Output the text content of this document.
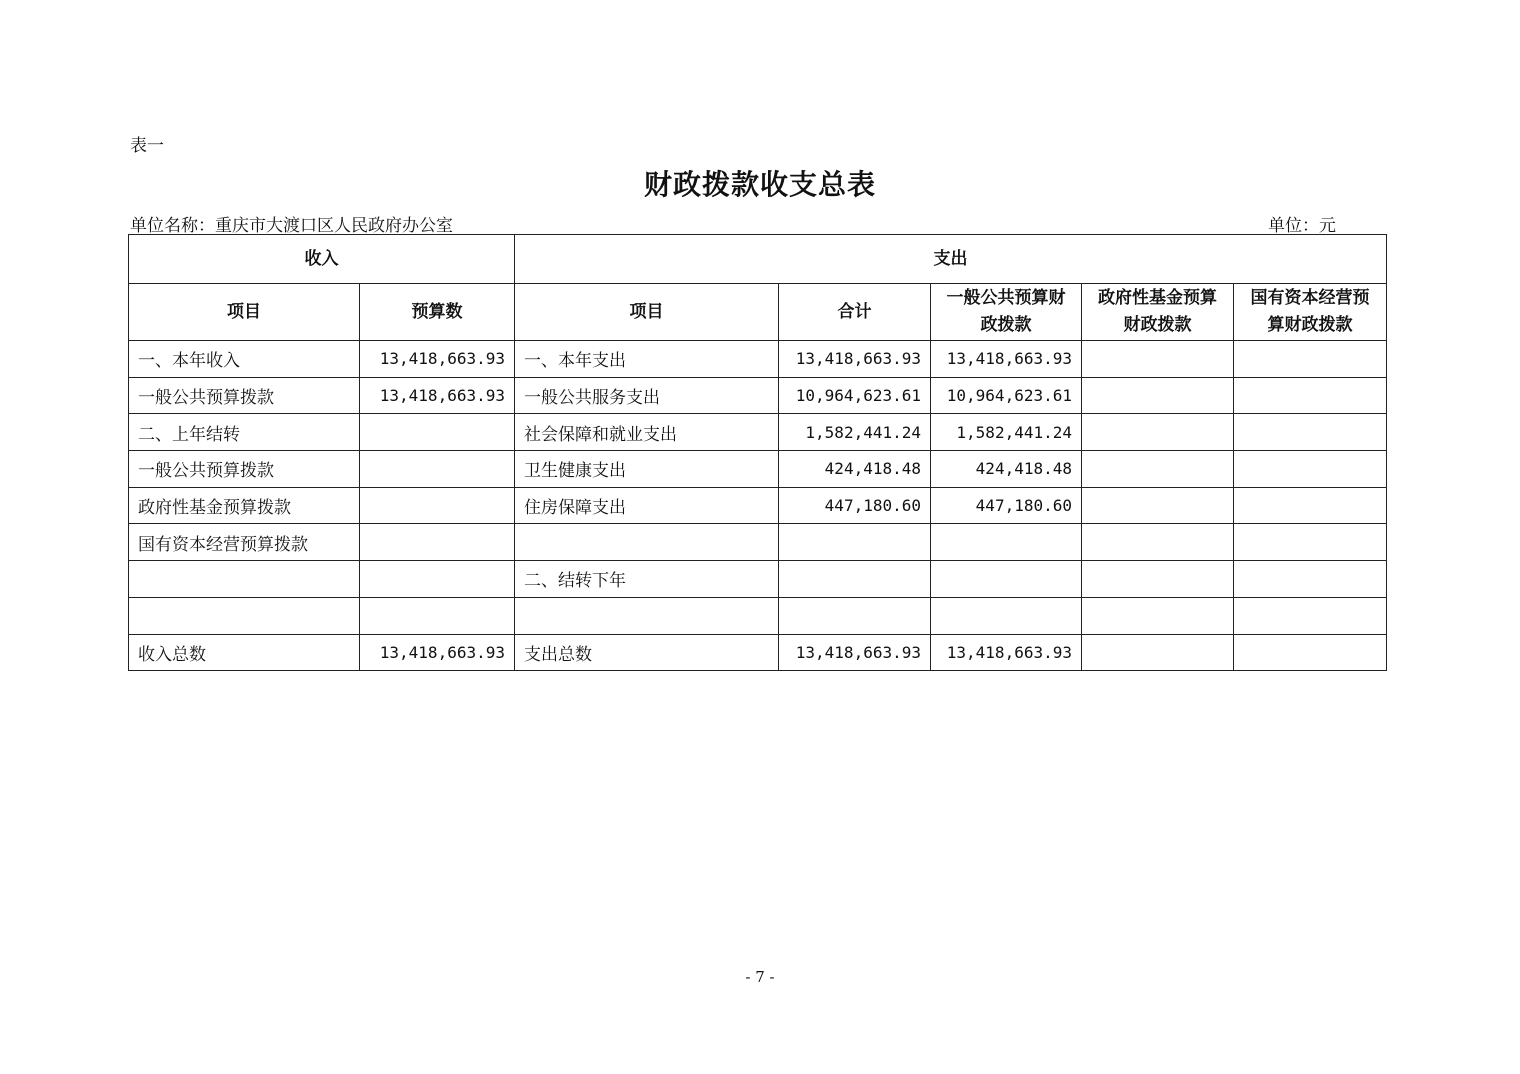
表一
财政拨款收支总表
单位名称：重庆市大渡口区人民政府办公室	单位：元
收入		支出				
项目	预算数	项目	合计	一般公共预算财政拨款	政府性基金预算财政拨款	国有资本经营预算财政拨款
一、本年收入	13,418,663.93	一、本年支出	13,418,663.93	13,418,663.93		
一般公共预算拨款	13,418,663.93	一般公共服务支出	10,964,623.61	10,964,623.61		
二、上年结转		社会保障和就业支出	1,582,441.24	1,582,441.24		
一般公共预算拨款		卫生健康支出	424,418.48	424,418.48		
政府性基金预算拨款		住房保障支出	447,180.60	447,180.60		
国有资本经营预算拨款						
		二、结转下年				

收入总数	13,418,663.93	支出总数	13,418,663.93	13,418,663.93		
- 7 -
